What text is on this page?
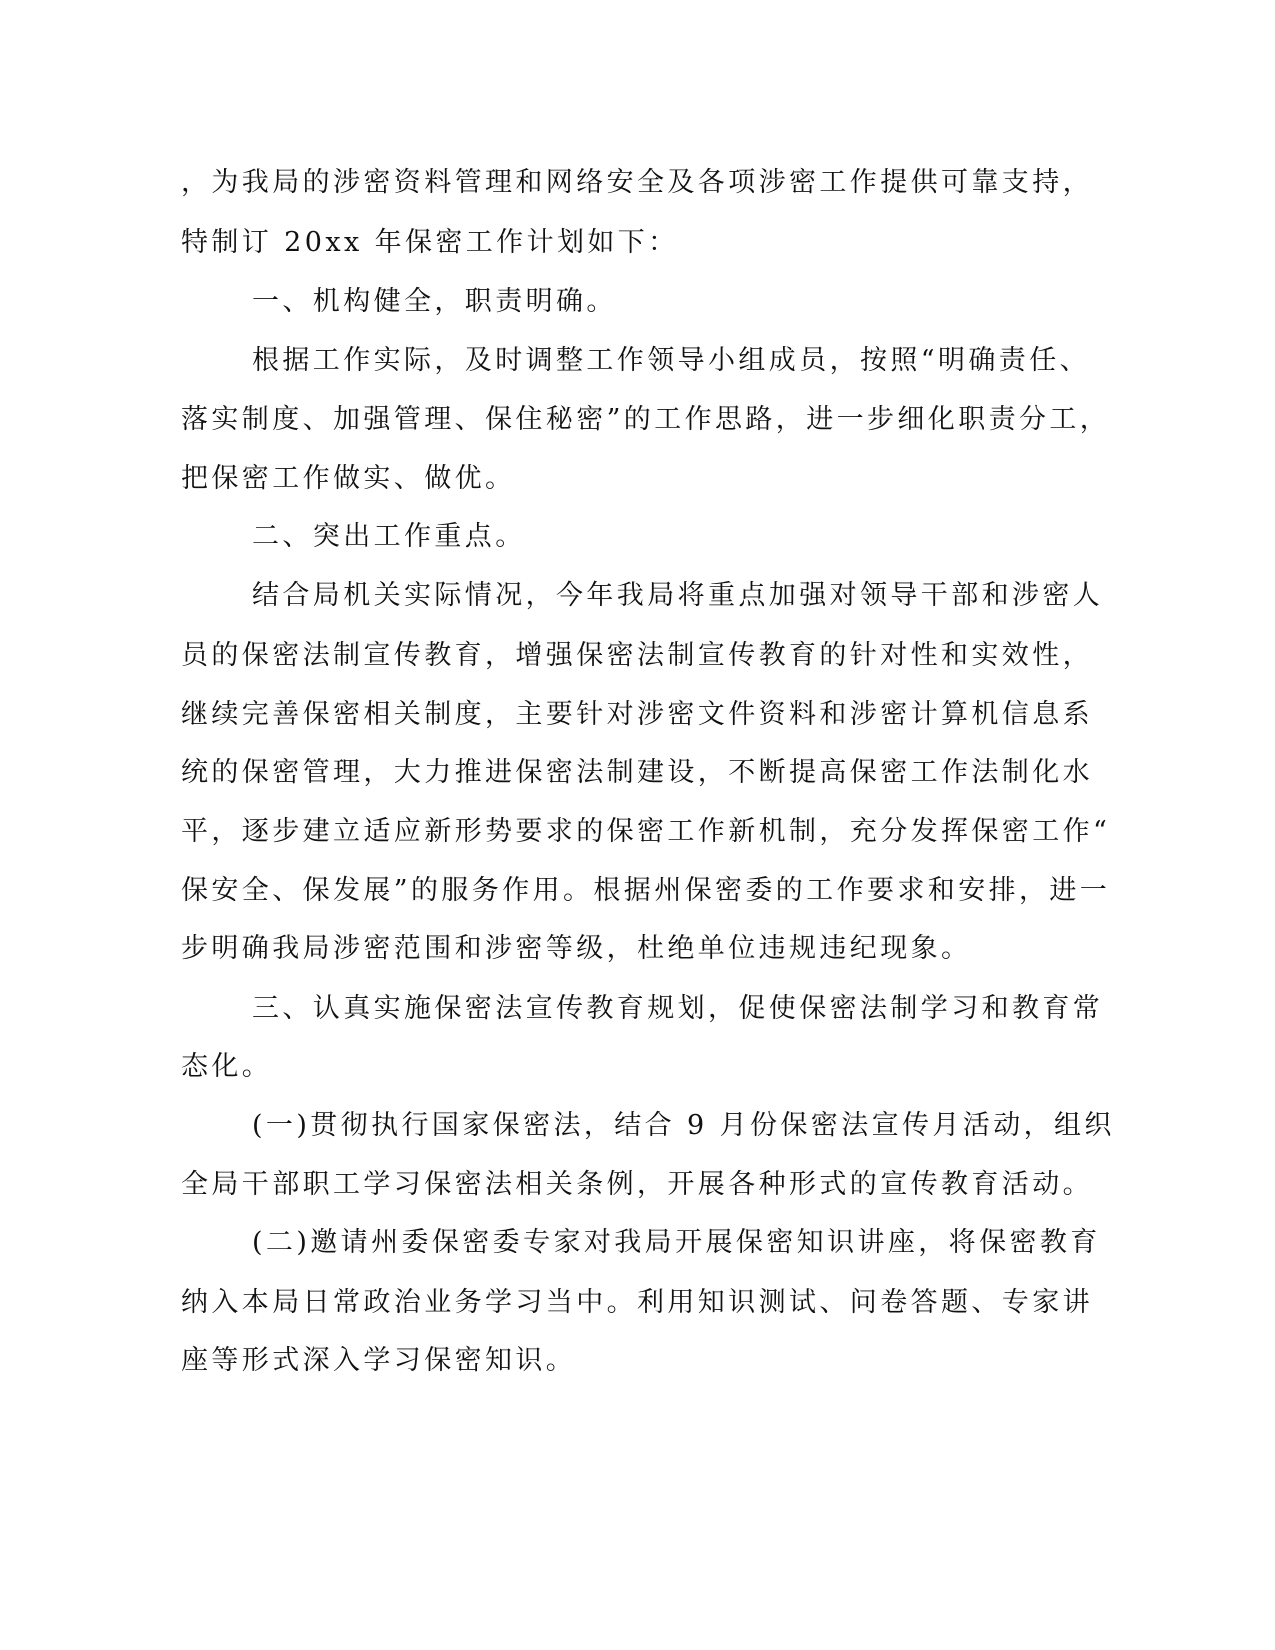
，为我局的涉密资料管理和网络安全及各项涉密工作提供可靠支持，
特制订 20xx 年保密工作计划如下：
一、机构健全，职责明确。
根据工作实际，及时调整工作领导小组成员，按照“明确责任、
落实制度、加强管理、保住秘密”的工作思路，进一步细化职责分工，
把保密工作做实、做优。
二、突出工作重点。
结合局机关实际情况，今年我局将重点加强对领导干部和涉密人
员的保密法制宣传教育，增强保密法制宣传教育的针对性和实效性，
继续完善保密相关制度，主要针对涉密文件资料和涉密计算机信息系
统的保密管理，大力推进保密法制建设，不断提高保密工作法制化水
平，逐步建立适应新形势要求的保密工作新机制，充分发挥保密工作“
保安全、保发展”的服务作用。根据州保密委的工作要求和安排，进一
步明确我局涉密范围和涉密等级，杜绝单位违规违纪现象。
三、认真实施保密法宣传教育规划，促使保密法制学习和教育常
态化。
(一)贯彻执行国家保密法，结合 9 月份保密法宣传月活动，组织
全局干部职工学习保密法相关条例，开展各种形式的宣传教育活动。
(二)邀请州委保密委专家对我局开展保密知识讲座，将保密教育
纳入本局日常政治业务学习当中。利用知识测试、问卷答题、专家讲
座等形式深入学习保密知识。
